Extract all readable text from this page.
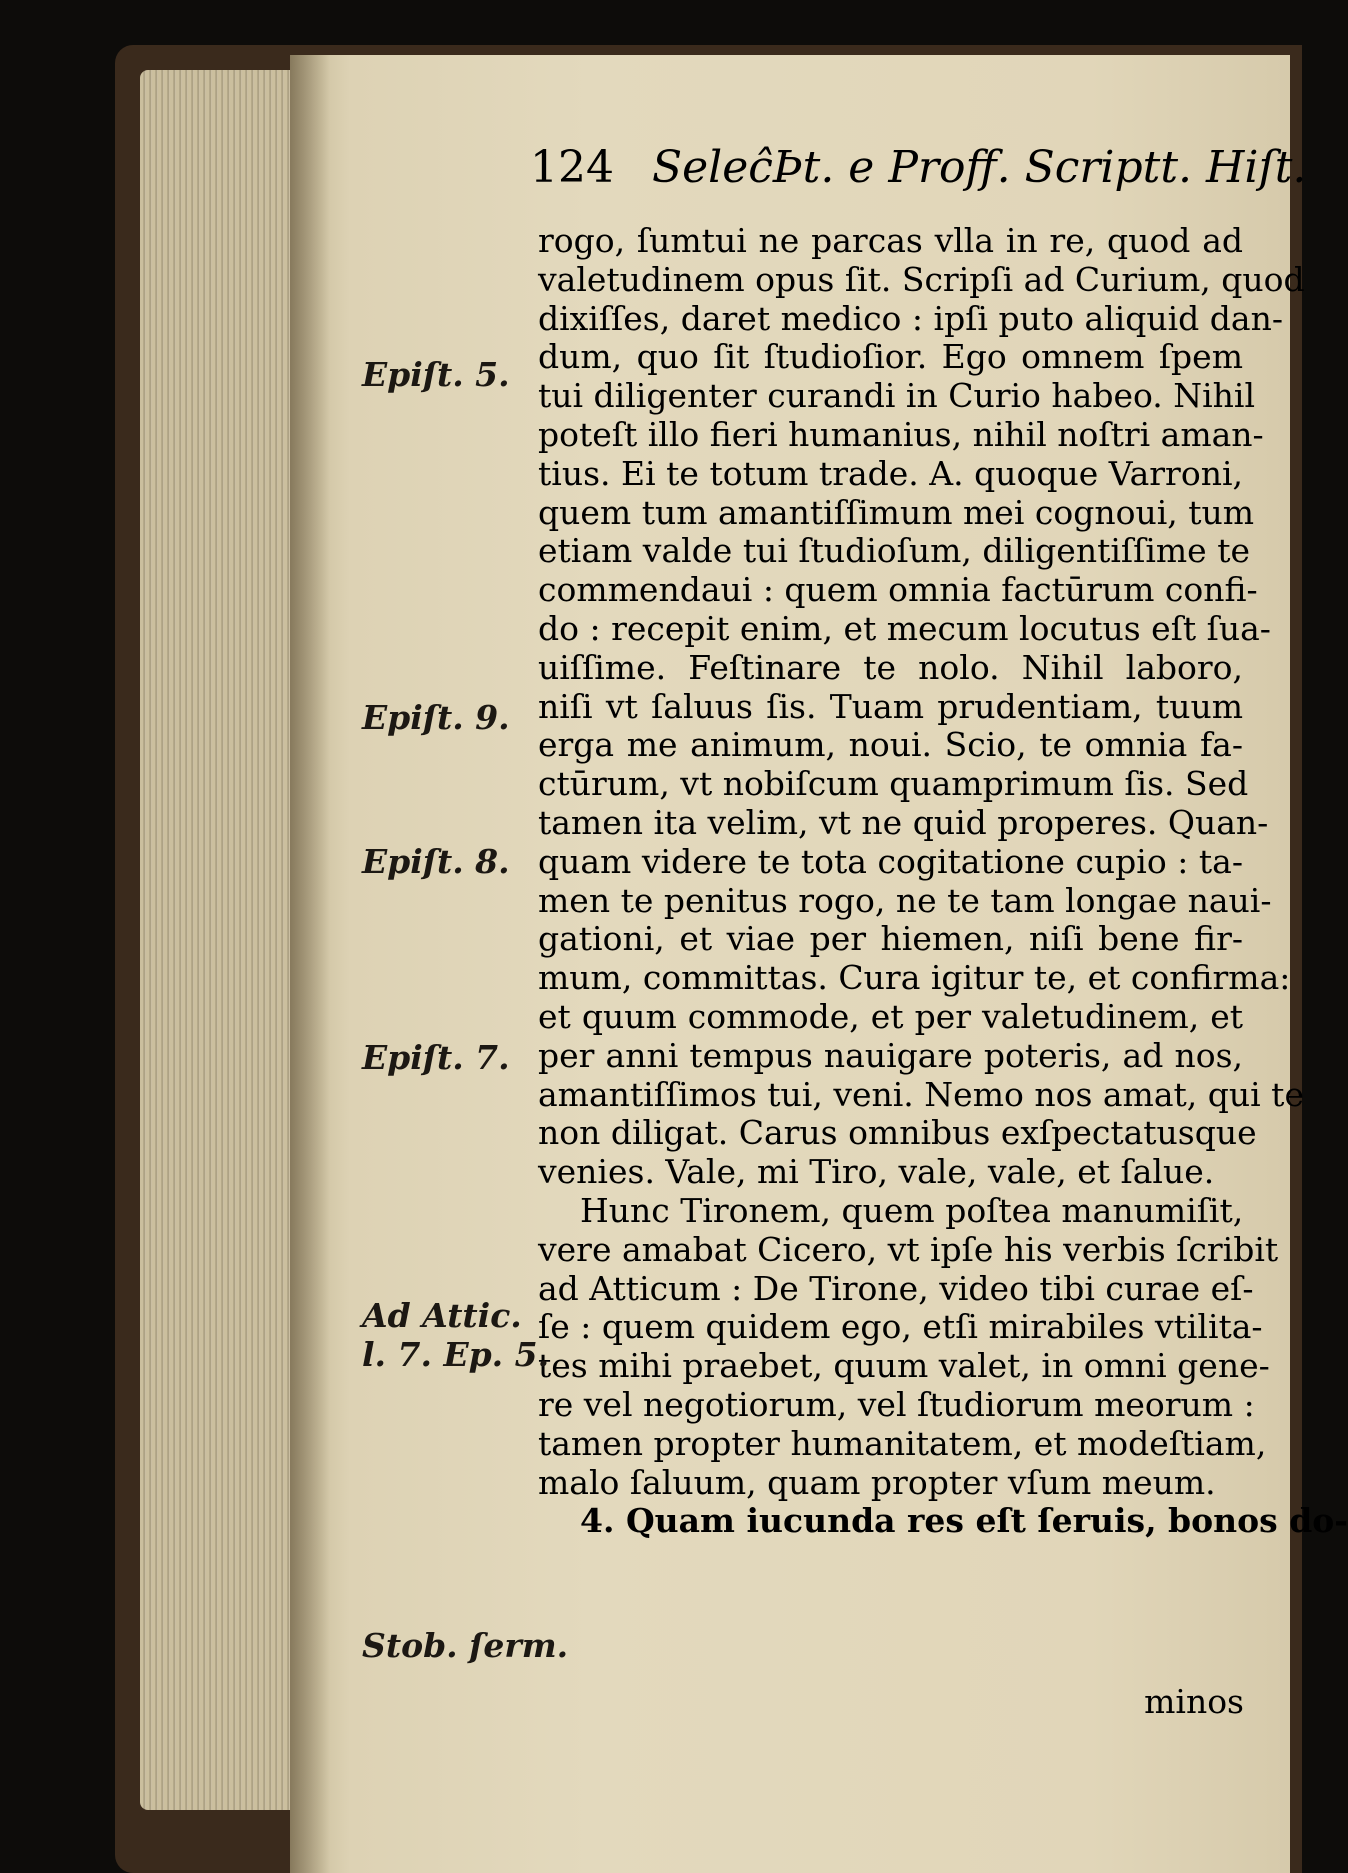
124 SeleĉÞt. e Proff. Scriptt. Hiſt.
rogo, ſumtui ne parcas vlla in re, quod ad
valetudinem opus ſit. Scripſi ad Curium, quod
dixiſſes, daret medico : ipſi puto aliquid dan-
dum, quo ſit ſtudioſior. Ego omnem ſpem
tui diligenter curandi in Curio habeo. Nihil
poteſt illo fieri humanius, nihil noſtri aman-
tius. Ei te totum trade. A. quoque Varroni,
quem tum amantiſſimum mei cognoui, tum
etiam valde tui ſtudioſum, diligentiſſime te
commendaui : quem omnia factūrum confi-
do : recepit enim, et mecum locutus eſt ſua-
uiſſime. Feſtinare te nolo. Nihil laboro,
niſi vt ſaluus ſis. Tuam prudentiam, tuum
erga me animum, noui. Scio, te omnia fa-
ctūrum, vt nobiſcum quamprimum ſis. Sed
tamen ita velim, vt ne quid properes. Quan-
quam videre te tota cogitatione cupio : ta-
men te penitus rogo, ne te tam longae naui-
gationi, et viae per hiemen, niſi bene fir-
mum, committas. Cura igitur te, et confirma:
et quum commode, et per valetudinem, et
per anni tempus nauigare poteris, ad nos,
amantiſſimos tui, veni. Nemo nos amat, qui te
non diligat. Carus omnibus exſpectatusque
venies. Vale, mi Tiro, vale, vale, et ſalue.
Hunc Tironem, quem poſtea manumiſit,
vere amabat Cicero, vt ipſe his verbis ſcribit
ad Atticum : De Tirone, video tibi curae eſ-
ſe : quem quidem ego, etſi mirabiles vtilita-
tes mihi praebet, quum valet, in omni gene-
re vel negotiorum, vel ſtudiorum meorum :
tamen propter humanitatem, et modeſtiam,
malo ſaluum, quam propter vſum meum.
4. Quam iucunda res eſt ſeruis, bonos do-
minos
Epiſt. 5.
Epiſt. 9.
Epiſt. 8.
Epiſt. 7.
Ad Attic.
l. 7. Ep. 5.
Stob. ſerm.
